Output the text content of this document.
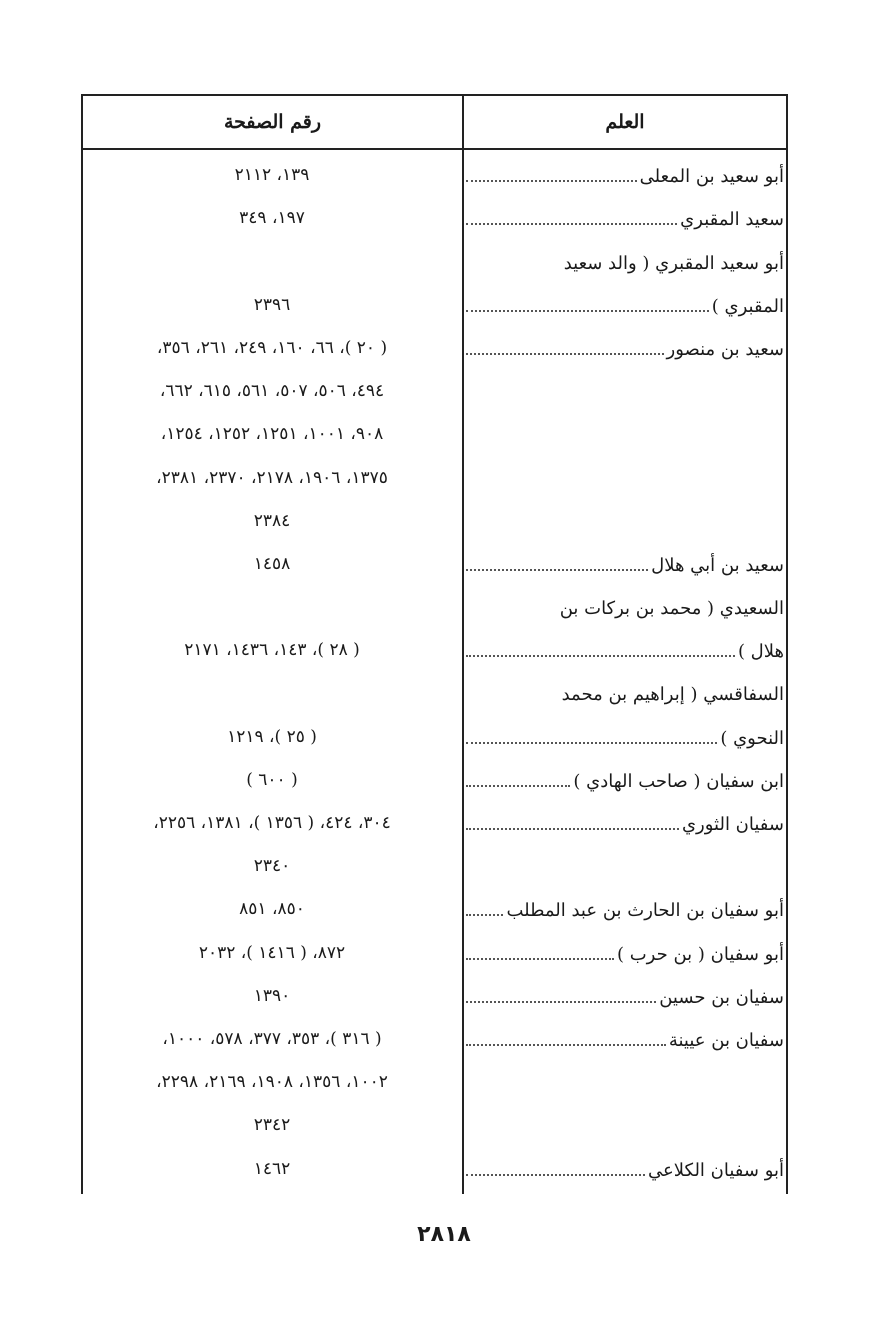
العلم
رقم الصفحة
أبو سعيد بن المعلى
١٣٩، ٢١١٢
سعيد المقبري
١٩٧، ٣٤٩
أبو سعيد المقبري ( والد سعيد
المقبري )
٢٣٩٦
سعيد بن منصور
( ٢٠ )، ٦٦، ١٦٠، ٢٤٩، ٢٦١، ٣٥٦،
٤٩٤، ٥٠٦، ٥٠٧، ٥٦١، ٦١٥، ٦٦٢،
٩٠٨، ١٠٠١، ١٢٥١، ١٢٥٢، ١٢٥٤،
١٣٧٥، ١٩٠٦، ٢١٧٨، ٢٣٧٠، ٢٣٨١،
٢٣٨٤
سعيد بن أبي هلال
١٤٥٨
السعيدي ( محمد بن بركات بن
هلال )
( ٢٨ )، ١٤٣، ١٤٣٦، ٢١٧١
السفاقسي ( إبراهيم بن محمد
النحوي )
( ٢٥ )، ١٢١٩
ابن سفيان ( صاحب الهادي )
( ٦٠٠ )
سفيان الثوري
٣٠٤، ٤٢٤، ( ١٣٥٦ )، ١٣٨١، ٢٢٥٦،
٢٣٤٠
أبو سفيان بن الحارث بن عبد المطلب
٨٥٠، ٨٥١
أبو سفيان ( بن حرب )
٨٧٢، ( ١٤١٦ )، ٢٠٣٢
سفيان بن حسين
١٣٩٠
سفيان بن عيينة
( ٣١٦ )، ٣٥٣، ٣٧٧، ٥٧٨، ١٠٠٠،
١٠٠٢، ١٣٥٦، ١٩٠٨، ٢١٦٩، ٢٢٩٨،
٢٣٤٢
أبو سفيان الكلاعي
١٤٦٢
٢٨١٨
